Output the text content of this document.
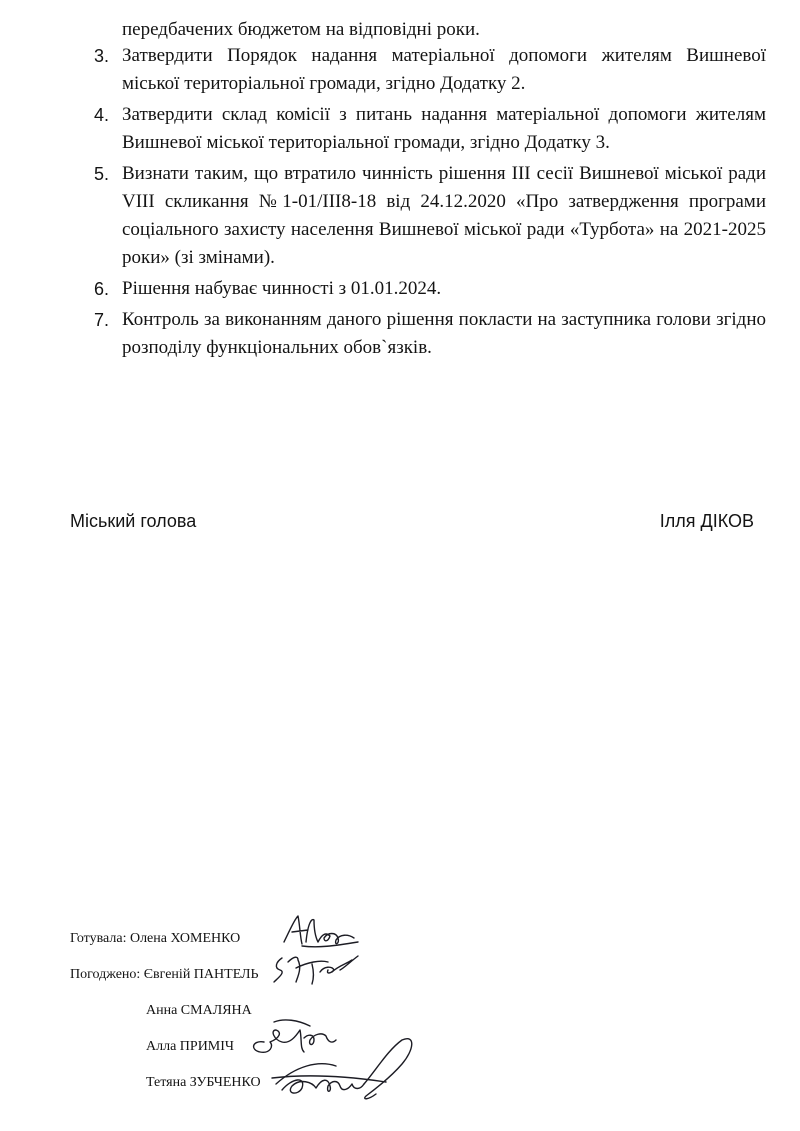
передбачених бюджетом на відповідні роки.
3. Затвердити Порядок надання матеріальної допомоги жителям Вишневої міської територіальної громади, згідно Додатку 2.
4. Затвердити склад комісії з питань надання матеріальної допомоги жителям Вишневої міської територіальної громади, згідно Додатку 3.
5. Визнати таким, що втратило чинність рішення ІІІ сесії Вишневої міської ради VIII скликання №1-01/ІІІ8-18 від 24.12.2020 «Про затвердження програми соціального захисту населення Вишневої міської ради «Турбота» на 2021-2025 роки» (зі змінами).
6. Рішення набуває чинності з 01.01.2024.
7. Контроль за виконанням даного рішення покласти на заступника голови згідно розподілу функціональних обов`язків.
Міський голова	Ілля ДІКОВ
Готувала: Олена ХОМЕНКО
Погоджено: Євгеній ПАНТЕЛЬ
Анна СМАЛЯНА
Алла ПРИМІЧ
Тетяна ЗУБЧЕНКО
